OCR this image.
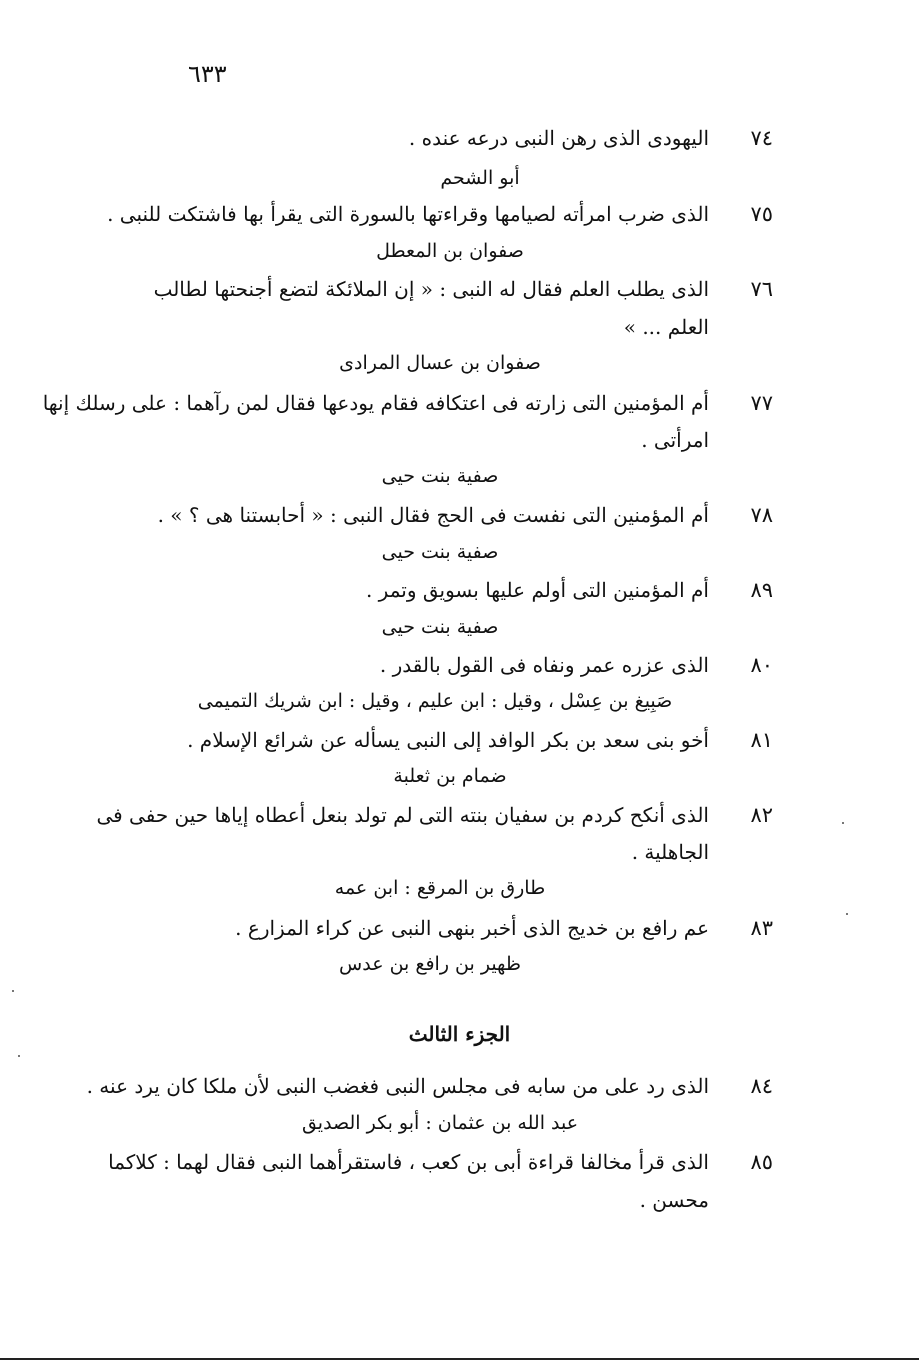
٦٣٣
٧٤
اليهودى الذى رهن النبى درعه عنده .
أبو الشحم
٧٥
الذى ضرب امرأته لصيامها وقراءتها بالسورة التى يقرأ بها فاشتكت للنبى .
صفوان بن المعطل
٧٦
الذى يطلب العلم فقال له النبى : « إن الملائكة لتضع أجنحتها لطالب
العلم ... »
صفوان بن عسال المرادى
٧٧
أم المؤمنين التى زارته فى اعتكافه فقام يودعها فقال لمن رآهما : على رسلك إنها
امرأتى .
صفية بنت حيى
٧٨
أم المؤمنين التى نفست فى الحج فقال النبى : « أحابستنا هى ؟ » .
صفية بنت حيى
٨٩
أم المؤمنين التى أولم عليها بسويق وتمر .
صفية بنت حيى
٨٠
الذى عزره عمر ونفاه فى القول بالقدر .
صَبِيغ بن عِسْل ، وقيل : ابن عليم ، وقيل : ابن شريك التميمى
٨١
أخو بنى سعد بن بكر الوافد إلى النبى يسأله عن شرائع الإسلام .
ضمام بن ثعلبة
٨٢
الذى أنكح كردم بن سفيان بنته التى لم تولد بنعل أعطاه إياها حين حفى فى
الجاهلية .
طارق بن المرقع : ابن عمه
٨٣
عم رافع بن خديج الذى أخبر بنهى النبى عن كراء المزارع .
ظهير بن رافع بن عدس
الجزء الثالث
٨٤
الذى رد على من سابه فى مجلس النبى فغضب النبى لأن ملكا كان يرد عنه .
عبد الله بن عثمان : أبو بكر الصديق
٨٥
الذى قرأ مخالفا قراءة أبى بن كعب ، فاستقرأهما النبى فقال لهما : كلاكما
محسن .
